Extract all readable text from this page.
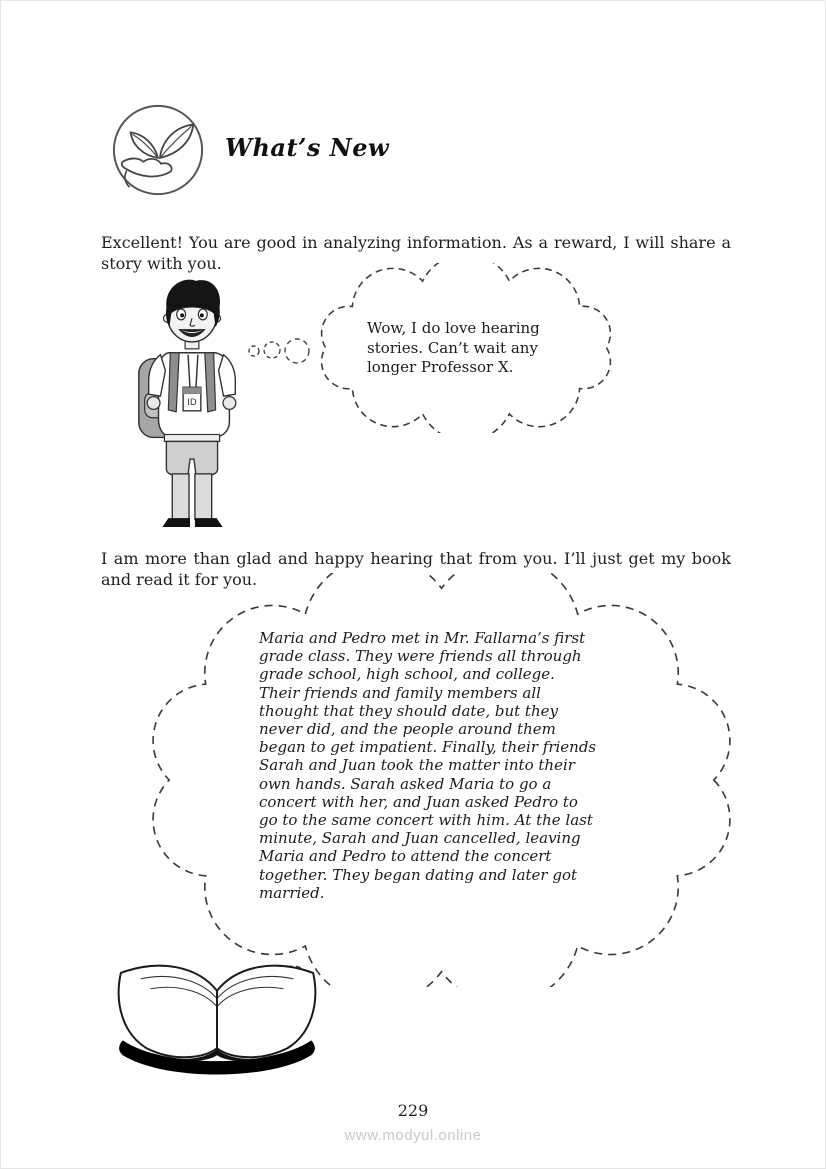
What’s New

Excellent! You are good in analyzing information. As a reward, I will share a story with you.

ID
Wow, I do love hearing stories. Can’t wait any longer Professor X.

I am more than glad and happy hearing that from you. I’ll just get my book and read it for you.

Maria and Pedro met in Mr. Fallarna’s first grade class. They were friends all through grade school, high school, and college. Their friends and family members all thought that they should date, but they never did, and the people around them began to get impatient. Finally, their friends Sarah and Juan took the matter into their own hands. Sarah asked Maria to go a concert with her, and Juan asked Pedro to go to the same concert with him. At the last minute, Sarah and Juan cancelled, leaving Maria and Pedro to attend the concert together. They began dating and later got married.
229
www.modyul.online
